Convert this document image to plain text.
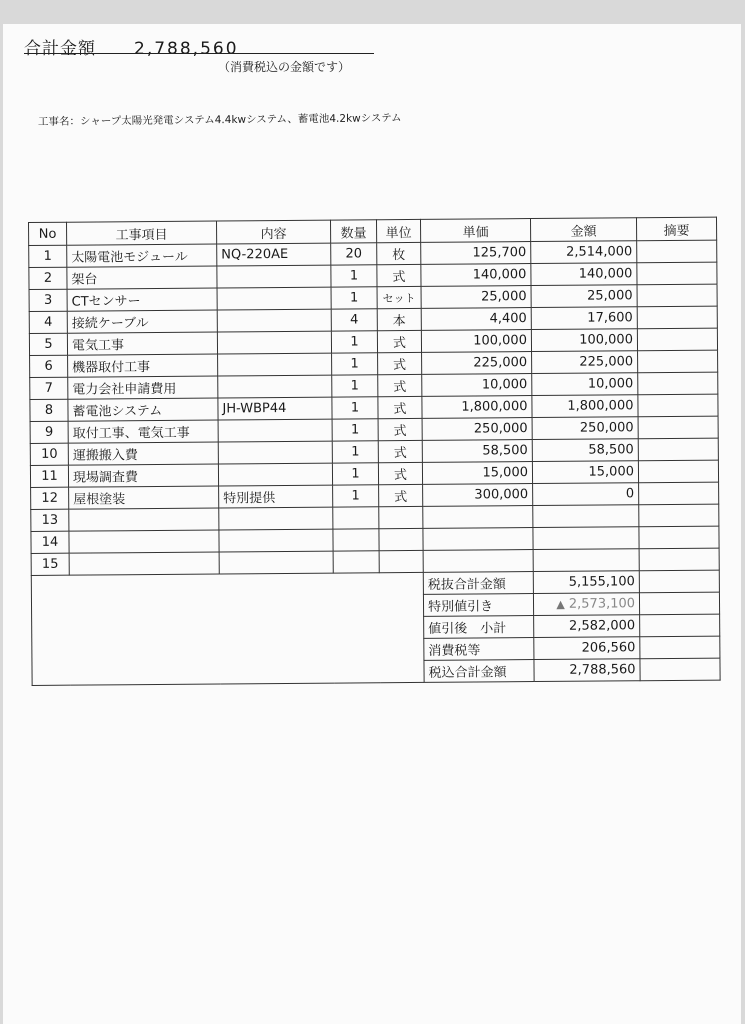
合計金額 2,788,560
（消費税込の金額です）
工事名：シャープ太陽光発電システム4.4kwシステム、蓄電池4.2kwシステム
No	工事項目	内容	数量	単位	単価	金額	摘要
1	太陽電池モジュール	NQ-220AE	20	枚	125,700	2,514,000	
2	架台		1	式	140,000	140,000	
3	CTセンサー		1	セット	25,000	25,000	
4	接続ケーブル		4	本	4,400	17,600	
5	電気工事		1	式	100,000	100,000	
6	機器取付工事		1	式	225,000	225,000	
7	電力会社申請費用		1	式	10,000	10,000	
8	蓄電池システム	JH-WBP44	1	式	1,800,000	1,800,000	
9	取付工事、電気工事		1	式	250,000	250,000	
10	運搬搬入費		1	式	58,500	58,500	
11	現場調査費		1	式	15,000	15,000	
12	屋根塗装	特別提供	1	式	300,000	0	
13							
14							
15							
					税抜合計金額	5,155,100	
					特別値引き	▲ 2,573,100	
					値引後　小計	2,582,000	
					消費税等	206,560	
					税込合計金額	2,788,560	
